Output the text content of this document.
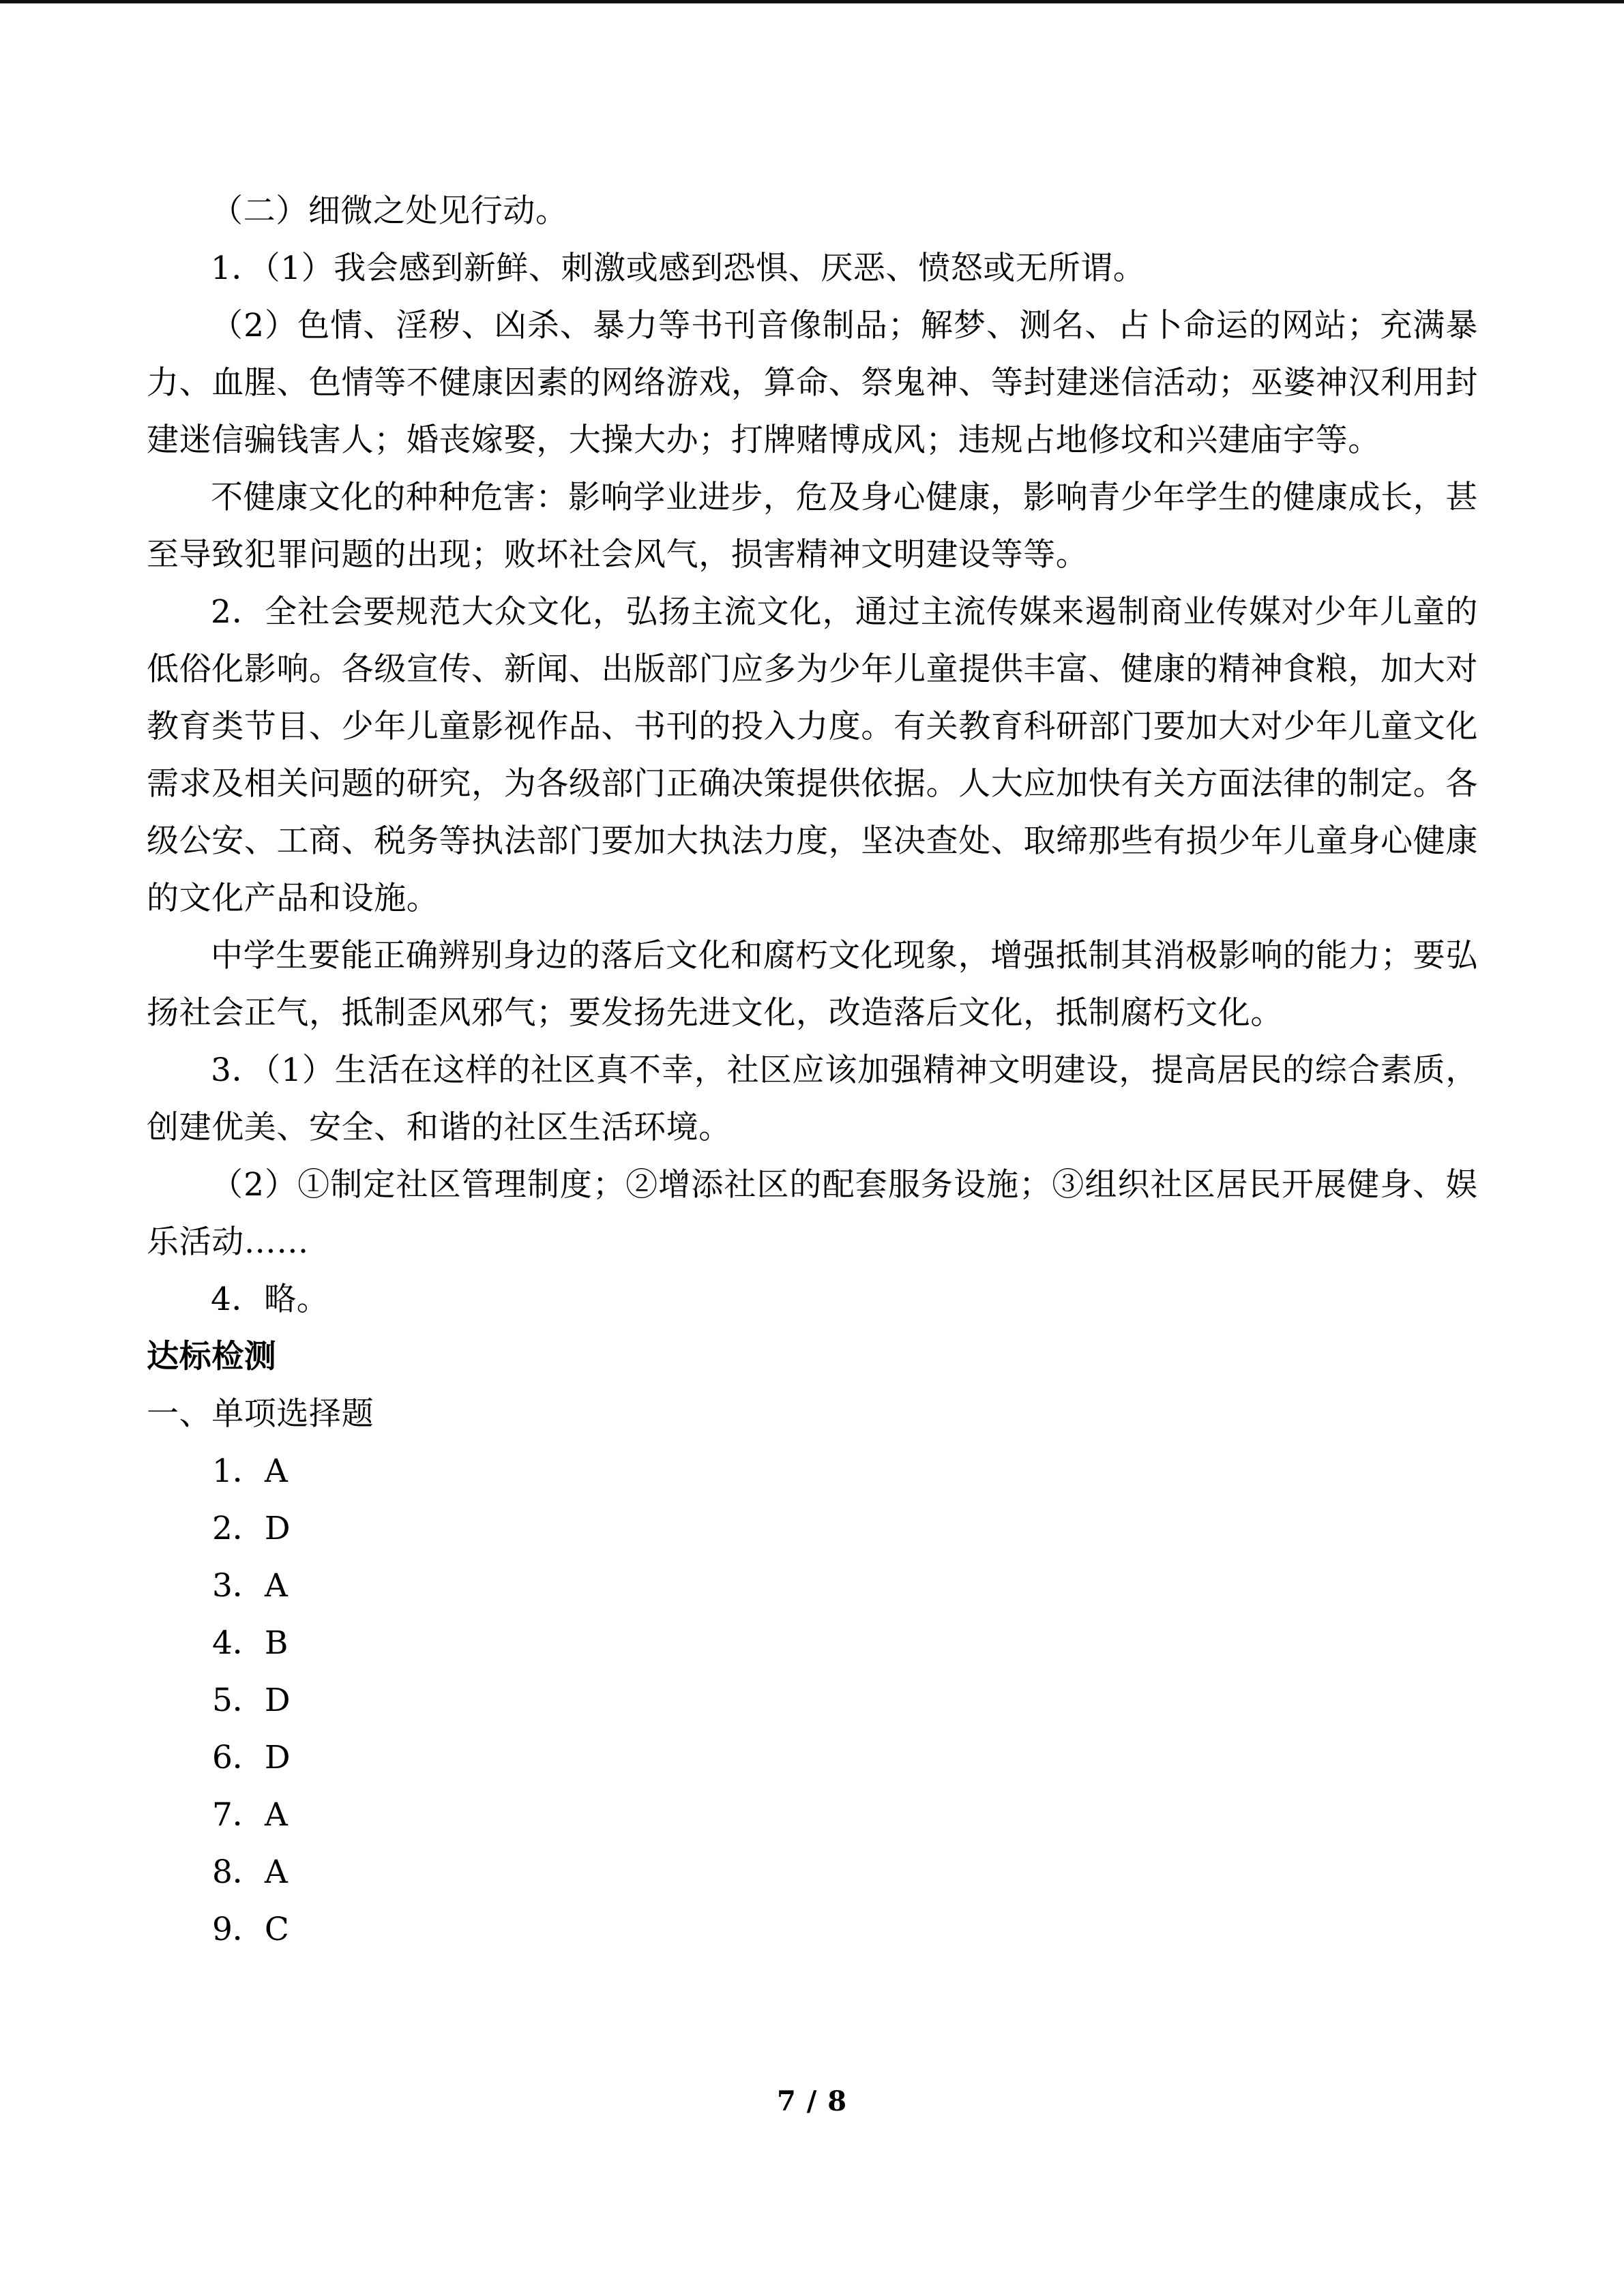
（二）细微之处见行动。

1．（1）我会感到新鲜、刺激或感到恐惧、厌恶、愤怒或无所谓。

（2）色情、淫秽、凶杀、暴力等书刊音像制品；解梦、测名、占卜命运的网站；充满暴力、血腥、色情等不健康因素的网络游戏，算命、祭鬼神、等封建迷信活动；巫婆神汉利用封建迷信骗钱害人；婚丧嫁娶，大操大办；打牌赌博成风；违规占地修坟和兴建庙宇等。

不健康文化的种种危害：影响学业进步，危及身心健康，影响青少年学生的健康成长，甚至导致犯罪问题的出现；败坏社会风气，损害精神文明建设等等。

2．全社会要规范大众文化，弘扬主流文化，通过主流传媒来遏制商业传媒对少年儿童的低俗化影响。各级宣传、新闻、出版部门应多为少年儿童提供丰富、健康的精神食粮，加大对教育类节目、少年儿童影视作品、书刊的投入力度。有关教育科研部门要加大对少年儿童文化需求及相关问题的研究，为各级部门正确决策提供依据。人大应加快有关方面法律的制定。各级公安、工商、税务等执法部门要加大执法力度，坚决查处、取缔那些有损少年儿童身心健康的文化产品和设施。

中学生要能正确辨别身边的落后文化和腐朽文化现象，增强抵制其消极影响的能力；要弘扬社会正气，抵制歪风邪气；要发扬先进文化，改造落后文化，抵制腐朽文化。

3．（1）生活在这样的社区真不幸，社区应该加强精神文明建设，提高居民的综合素质，创建优美、安全、和谐的社区生活环境。

（2）①制定社区管理制度；②增添社区的配套服务设施；③组织社区居民开展健身、娱乐活动……

4．略。

达标检测

一、单项选择题

1．A
2．D
3．A
4．B
5．D
6．D
7．A
8．A
9．C
7 / 8
